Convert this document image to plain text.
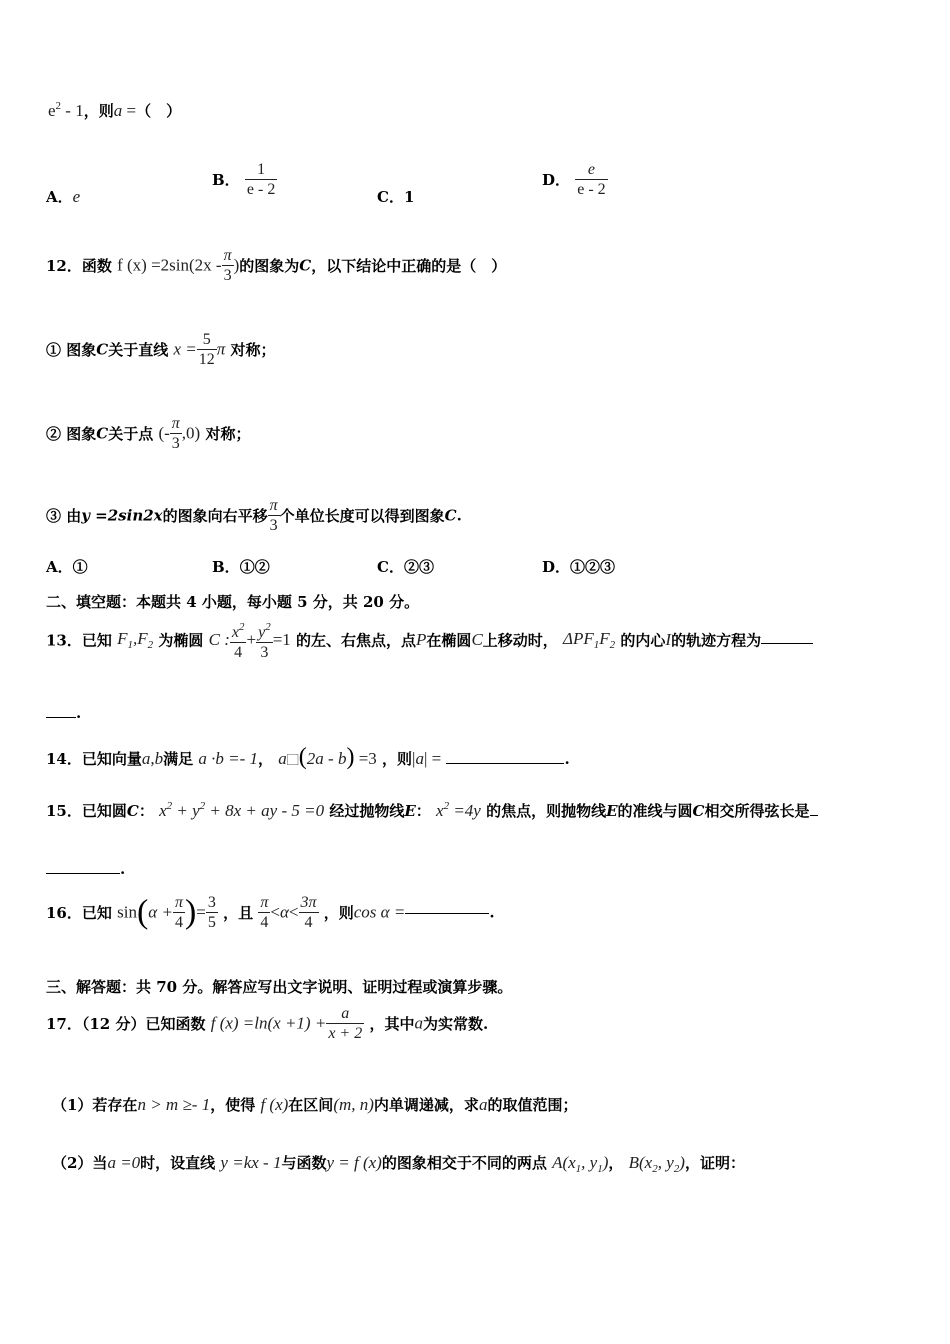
$e^2 - 1$，则a =（　）
A．e
B． $\frac{1}{e - 2}$	C．1
D． $\frac{e}{e - 2}$
12．函数 f $(x) =2\sin(2x - \frac{\pi}{3}$ )的图象为C，以下结论中正确的是（　）
① 图象C关于直线 $x = \frac{5}{12}$ π 对称；
② 图象C关于点 (- $\frac{\pi}{3} ,0$) 对称；
③ 由y =2sin2x的图象向右平移 $\frac{\pi}{3}$ 个单位长度可以得到图象C.
A．①	B．①②	C．②③	D．①②③
二、填空题：本题共 4 小题，每小题 5 分，共 20 分。
13．已知 $F_1,F_2$ 为椭圆 C : $\frac{x^2}{4} + \frac{y^2}{3} =1$ 的左、右焦点，点P在椭圆C上移动时， $\Delta PF_1F_2$ 的内心I的轨迹方程为
.
14．已知向量a,b满足 a ·b =- 1， a⃞(2a - b) =3 ，则|a| =	.
15．已知圆C： $x^2 + y^2 + 8x$ + ay - 5 =0 经过抛物线E： $x^2 =4y$ 的焦点，则抛物线E的准线与圆C相交所得弦长是
.
16．已知 $\sin(\alpha + \frac{\pi}{4}$ )= $\frac{3}{5}$ ，且 $\frac{\pi}{4} <\alpha< \frac{3\pi}{4}$ ，则cos α =	.
三、解答题：共 70 分。解答应写出文字说明、证明过程或演算步骤。
17．（12 分）已知函数 f $(x) =\ln(x +1) + \frac{a}{x + 2}$ ，其中a为实常数.
（1）若存在n > m ≥- 1，使得 f (x)在区间(m, n)内单调递减，求a的取值范围；
（2）当a =0时，设直线 y =kx - 1与函数y = f (x)的图象相交于不同的两点 $A(x_1$, $y_1$)， $B(x_2$, $y_2$)，证明：
